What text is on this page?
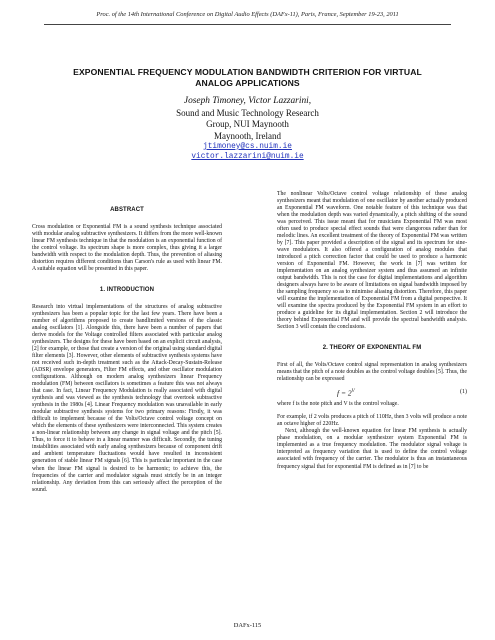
Proc. of the 14th International Conference on Digital Audio Effects (DAFx-11), Paris, France, September 19-23, 2011
EXPONENTIAL FREQUENCY MODULATION BANDWIDTH CRITERION FOR VIRTUAL
ANALOG APPLICATIONS
Joseph Timoney, Victor Lazzarini,
Sound and Music Technology Research
Group, NUI Maynooth
Maynooth, Ireland
jtimoney@cs.nuim.ie
victor.lazzarini@nuim.ie
ABSTRACT

Cross modulation or Exponential FM is a sound synthesis technique associated with modular analog subtractive synthesizers. It differs from the more well-known linear FM synthesis technique in that the modulation is an exponential function of the control voltage. Its spectrum shape is more complex, thus giving it a larger bandwidth with respect to the modulation depth. Thus, the prevention of aliasing distortion requires different conditions than Carson's rule as used with linear FM. A suitable equation will be presented in this paper.

1. INTRODUCTION

Research into virtual implementations of the structures of analog subtractive synthesizers has been a popular topic for the last few years. There have been a number of algorithms proposed to create bandlimited versions of the classic analog oscillators [1]. Alongside this, there have been a number of papers that derive models for the Voltage controlled filters associated with particular analog synthesizers. The designs for these have been based on an explicit circuit analysis, [2] for example, or those that create a version of the original using standard digital filter elements [3]. However, other elements of subtractive synthesis systems have not received such in-depth treatment such as the Attack-Decay-Sustain-Release (ADSR) envelope generators, Filter FM effects, and other oscillator modulation configurations. Although on modern analog synthesizers linear Frequency modulation (FM) between oscillators is sometimes a feature this was not always that case. In fact, Linear Frequency Modulation is really associated with digital synthesis and was viewed as the synthesis technology that overtook subtractive synthesis in the 1980s [4]. Linear Frequency modulation was unavailable in early modular subtractive synthesis systems for two primary reasons: Firstly, it was difficult to implement because of the Volts/Octave control voltage concept on which the elements of these synthesizers were interconnected. This system creates a non-linear relationship between any change in signal voltage and the pitch [5]. Thus, to force it to behave in a linear manner was difficult. Secondly, the tuning instabilities associated with early analog synthesizers because of component drift and ambient temperature fluctuations would have resulted in inconsistent generation of stable linear FM signals [6]. This is particular important in the case when the linear FM signal is desired to be harmonic; to achieve this, the frequencies of the carrier and modulator signals must strictly be in an integer relationship. Any deviation from this can seriously affect the perception of the sound.

The nonlinear Volts/Octave control voltage relationship of these analog synthesizers meant that modulation of one oscillator by another actually produced an Exponential FM waveform. One notable feature of this technique was that when the modulation depth was varied dynamically, a pitch shifting of the sound was perceived. This issue meant that for musicians Exponential FM was most often used to produce special effect sounds that were clangorous rather than for melodic lines. An excellent treatment of the theory of Exponential FM was written by [7]. This paper provided a description of the signal and its spectrum for sine-wave modulators. It also offered a configuration of analog modules that introduced a pitch correction factor that could be used to produce a harmonic version of Exponential FM. However, the work in [7] was written for implementation on an analog synthesizer system and thus assumed an infinite output bandwidth. This is not the case for digital implementations and algorithm designers always have to be aware of limitations on signal bandwidth imposed by the sampling frequency so as to minimise aliasing distortion. Therefore, this paper will examine the implementation of Exponential FM from a digital perspective. It will examine the spectra produced by the Exponential FM system in an effort to produce a guideline for its digital implementation. Section 2 will introduce the theory behind Exponential FM and will provide the spectral bandwidth analysis. Section 3 will contain the conclusions.

2. THEORY OF EXPONENTIAL FM

First of all, the Volts/Octave control signal representation in analog synthesizers means that the pitch of a note doubles as the control voltage doubles [5]. Thus, the relationship can be expressed

$f = 2^V$	(1)

where f is the note pitch and V is the control voltage.

For example, if 2 volts produces a pitch of 110Hz, then 3 volts will produce a note an octave higher of 220Hz.

Next, although the well-known equation for linear FM synthesis is actually phase modulation, on a modular synthesizer system Exponential FM is implemented as a true frequency modulation. The modulator signal voltage is interpreted as frequency variation that is used to define the control voltage associated with frequency of the carrier. The modulator is thus an instantaneous frequency signal that for exponential FM is defined as in [7] to be

DAFx-115
